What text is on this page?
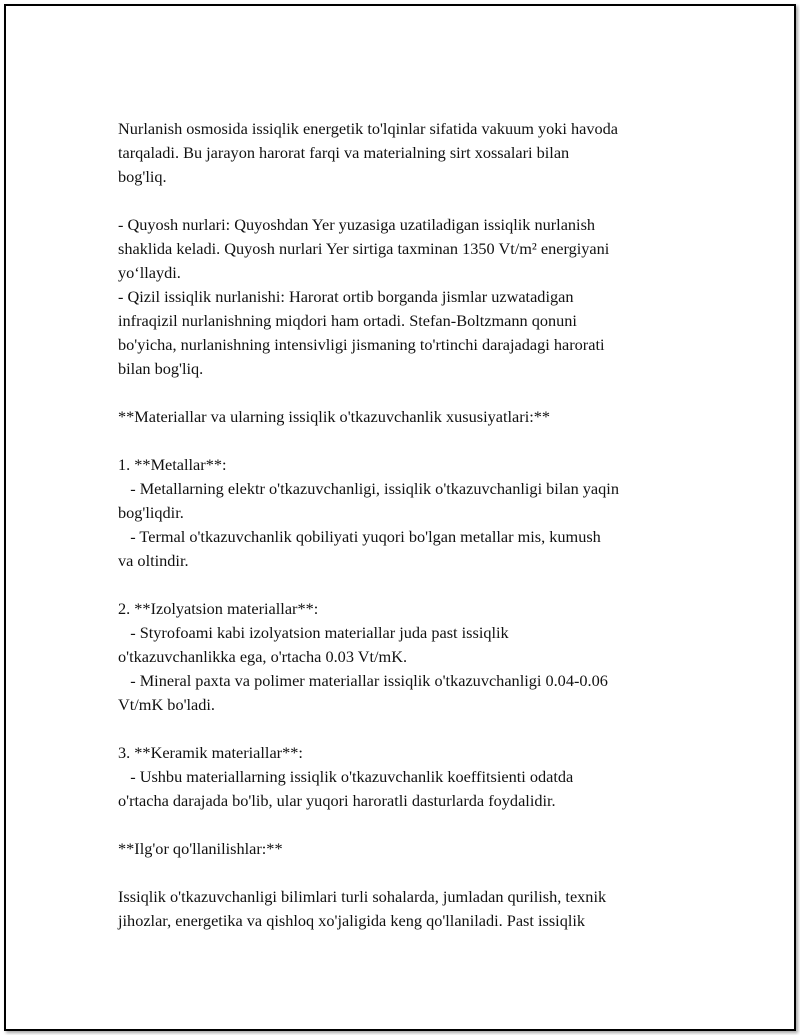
Nurlanish osmosida issiqlik energetik to'lqinlar sifatida vakuum yoki havoda
tarqaladi. Bu jarayon harorat farqi va materialning sirt xossalari bilan
bog'liq.
- Quyosh nurlari: Quyoshdan Yer yuzasiga uzatiladigan issiqlik nurlanish
shaklida keladi. Quyosh nurlari Yer sirtiga taxminan 1350 Vt/m² energiyani
yo‘llaydi.
- Qizil issiqlik nurlanishi: Harorat ortib borganda jismlar uzwatadigan
infraqizil nurlanishning miqdori ham ortadi. Stefan-Boltzmann qonuni
bo'yicha, nurlanishning intensivligi jismaning to'rtinchi darajadagi harorati
bilan bog'liq.
**Materiallar va ularning issiqlik o'tkazuvchanlik xususiyatlari:**
1. **Metallar**:
- Metallarning elektr o'tkazuvchanligi, issiqlik o'tkazuvchanligi bilan yaqin
bog'liqdir.
- Termal o'tkazuvchanlik qobiliyati yuqori bo'lgan metallar mis, kumush
va oltindir.
2. **Izolyatsion materiallar**:
- Styrofoami kabi izolyatsion materiallar juda past issiqlik
o'tkazuvchanlikka ega, o'rtacha 0.03 Vt/mK.
- Mineral paxta va polimer materiallar issiqlik o'tkazuvchanligi 0.04-0.06
Vt/mK bo'ladi.
3. **Keramik materiallar**:
- Ushbu materiallarning issiqlik o'tkazuvchanlik koeffitsienti odatda
o'rtacha darajada bo'lib, ular yuqori haroratli dasturlarda foydalidir.
**Ilg'or qo'llanilishlar:**
Issiqlik o'tkazuvchanligi bilimlari turli sohalarda, jumladan qurilish, texnik
jihozlar, energetika va qishloq xo'jaligida keng qo'llaniladi. Past issiqlik
